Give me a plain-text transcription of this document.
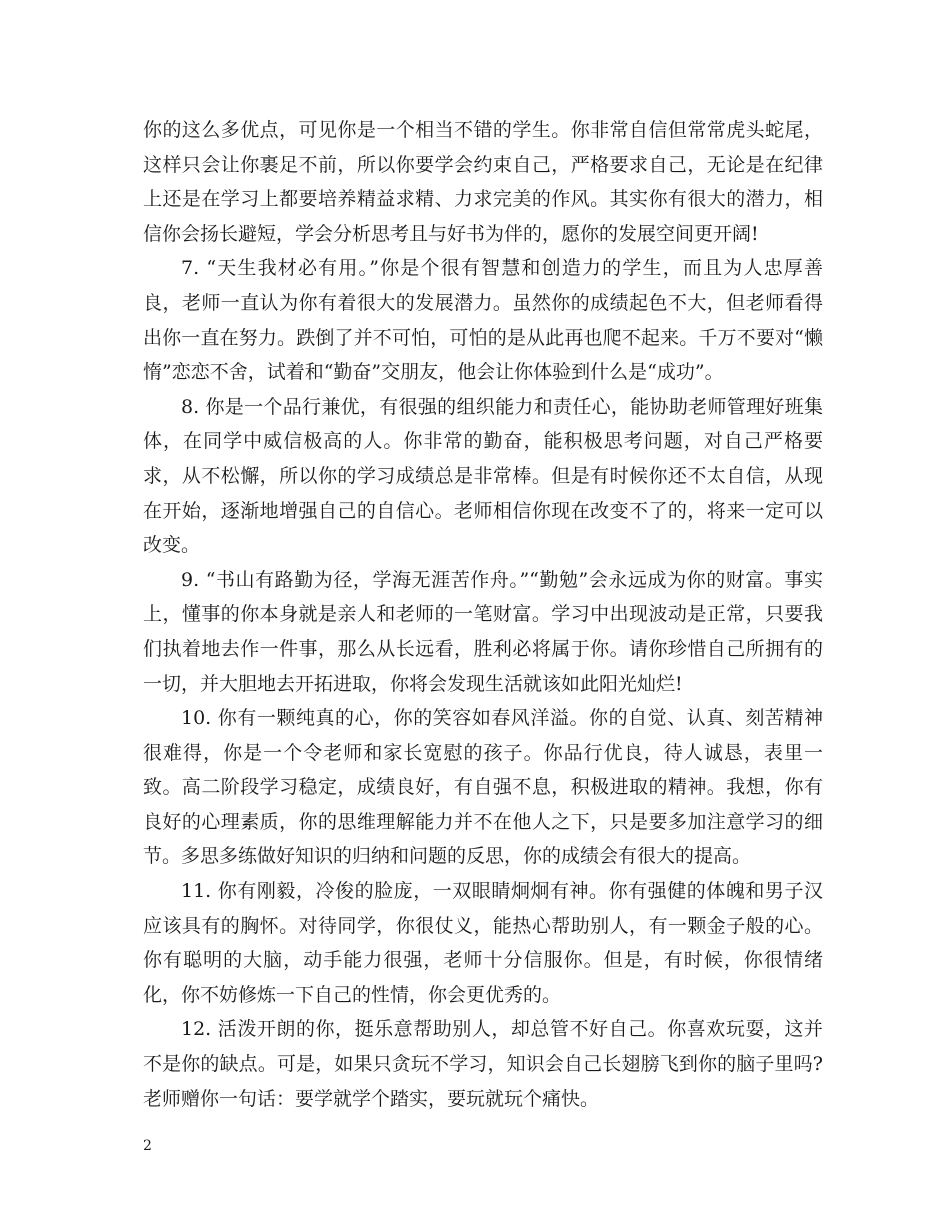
你的这么多优点，可见你是一个相当不错的学生。你非常自信但常常虎头蛇尾，这样只会让你裹足不前，所以你要学会约束自己，严格要求自己，无论是在纪律上还是在学习上都要培养精益求精、力求完美的作风。其实你有很大的潜力，相信你会扬长避短，学会分析思考且与好书为伴的，愿你的发展空间更开阔!

7. “天生我材必有用。”你是个很有智慧和创造力的学生，而且为人忠厚善良，老师一直认为你有着很大的发展潜力。虽然你的成绩起色不大，但老师看得出你一直在努力。跌倒了并不可怕，可怕的是从此再也爬不起来。千万不要对“懒惰”恋恋不舍，试着和“勤奋”交朋友，他会让你体验到什么是“成功”。

8. 你是一个品行兼优，有很强的组织能力和责任心，能协助老师管理好班集体，在同学中威信极高的人。你非常的勤奋，能积极思考问题，对自己严格要求，从不松懈，所以你的学习成绩总是非常棒。但是有时候你还不太自信，从现在开始，逐渐地增强自己的自信心。老师相信你现在改变不了的，将来一定可以改变。

9. “书山有路勤为径，学海无涯苦作舟。”“勤勉”会永远成为你的财富。事实上，懂事的你本身就是亲人和老师的一笔财富。学习中出现波动是正常，只要我们执着地去作一件事，那么从长远看，胜利必将属于你。请你珍惜自己所拥有的一切，并大胆地去开拓进取，你将会发现生活就该如此阳光灿烂!

10. 你有一颗纯真的心，你的笑容如春风洋溢。你的自觉、认真、刻苦精神很难得，你是一个令老师和家长宽慰的孩子。你品行优良，待人诚恳，表里一致。高二阶段学习稳定，成绩良好，有自强不息，积极进取的精神。我想，你有良好的心理素质，你的思维理解能力并不在他人之下，只是要多加注意学习的细节。多思多练做好知识的归纳和问题的反思，你的成绩会有很大的提高。

11. 你有刚毅，冷俊的脸庞，一双眼睛炯炯有神。你有强健的体魄和男子汉应该具有的胸怀。对待同学，你很仗义，能热心帮助别人，有一颗金子般的心。你有聪明的大脑，动手能力很强，老师十分信服你。但是，有时候，你很情绪化，你不妨修炼一下自己的性情，你会更优秀的。

12. 活泼开朗的你，挺乐意帮助别人，却总管不好自己。你喜欢玩耍，这并不是你的缺点。可是，如果只贪玩不学习，知识会自己长翅膀飞到你的脑子里吗?老师赠你一句话：要学就学个踏实，要玩就玩个痛快。

2
